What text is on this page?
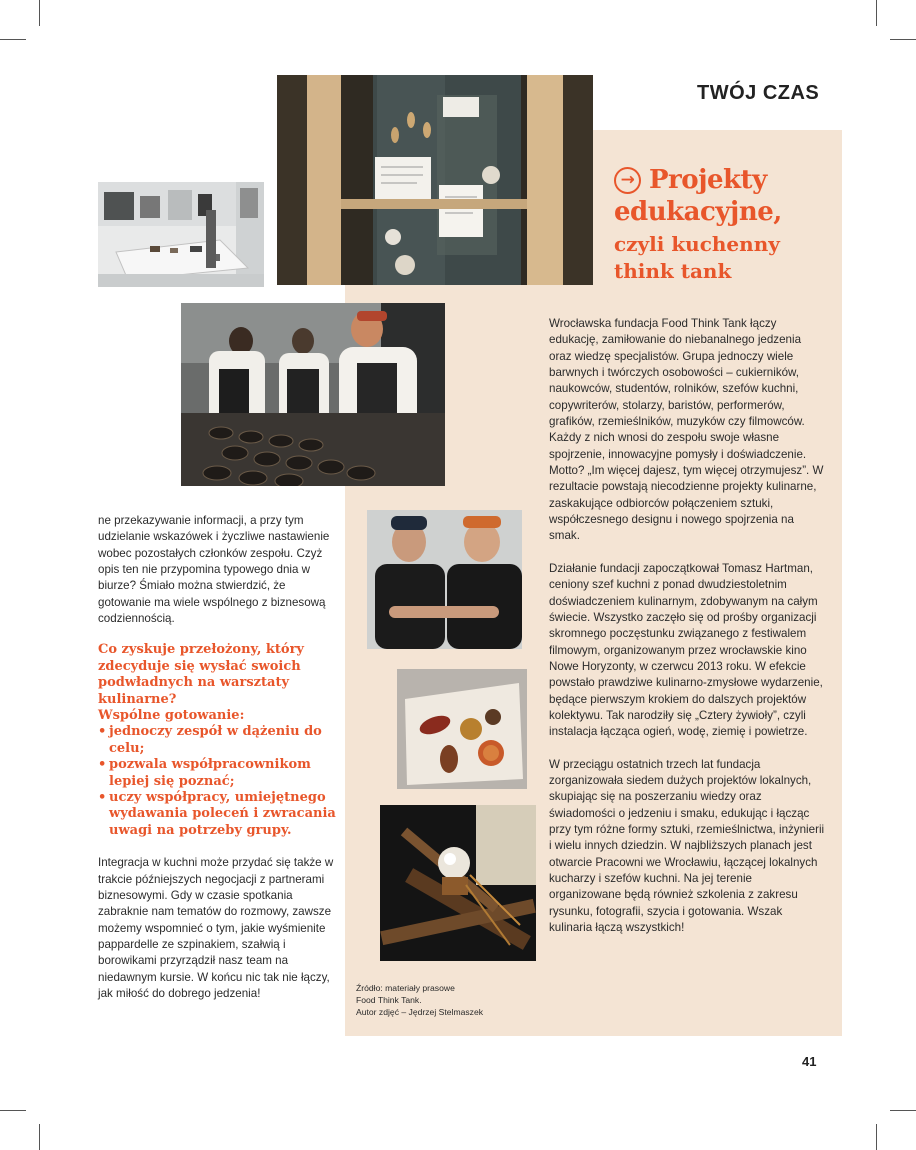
TWÓJ CZAS
→ Projekty
edukacyjne,
czyli kuchenny
think tank

Wrocławska fundacja Food Think Tank łączy edukację, zamiłowanie do niebanalnego jedzenia oraz wiedzę specjalistów. Grupa jednoczy wiele barwnych i twórczych osobowości – cukierników, naukowców, studentów, rolników, szefów kuchni, copywriterów, stolarzy, baristów, performerów, grafików, rzemieślników, muzyków czy filmowców. Każdy z nich wnosi do zespołu swoje własne spojrzenie, innowacyjne pomysły i doświadczenie. Motto? „Im więcej dajesz, tym więcej otrzymujesz”. W rezultacie powstają niecodzienne projekty kulinarne, zaskakujące odbiorców połączeniem sztuki, współczesnego designu i nowego spojrzenia na smak.

Działanie fundacji zapoczątkował Tomasz Hartman, ceniony szef kuchni z ponad dwudziestoletnim doświadczeniem kulinarnym, zdobywanym na całym świecie. Wszystko zaczęło się od prośby organizacji skromnego poczęstunku związanego z festiwalem filmowym, organizowanym przez wrocławskie kino Nowe Horyzonty, w czerwcu 2013 roku. W efekcie powstało prawdziwe kulinarno-zmysłowe wydarzenie, będące pierwszym krokiem do dalszych projektów kolektywu. Tak narodziły się „Cztery żywioły”, czyli instalacja łącząca ogień, wodę, ziemię i powietrze.

W przeciągu ostatnich trzech lat fundacja zorganizowała siedem dużych projektów lokalnych, skupiając się na poszerzaniu wiedzy oraz świadomości o jedzeniu i smaku, edukując i łącząc przy tym różne formy sztuki, rzemieślnictwa, inżynierii i wielu innych dziedzin. W najbliższych planach jest otwarcie Pracowni we Wrocławiu, łączącej lokalnych kucharzy i szefów kuchni. Na jej terenie organizowane będą również szkolenia z zakresu rysunku, fotografii, szycia i gotowania. Wszak kulinaria łączą wszystkich!

ne przekazywanie informacji, a przy tym udzielanie wskazówek i życzliwe nastawienie wobec pozostałych członków zespołu. Czyż opis ten nie przypomina typowego dnia w biurze? Śmiało można stwierdzić, że gotowanie ma wiele wspólnego z biznesową codziennością.

Co zyskuje przełożony, który zdecyduje się wysłać swoich podwładnych na warsztaty kulinarne?
Wspólne gotowanie:
• jednoczy zespół w dążeniu do celu;
• pozwala współpracownikom lepiej się poznać;
• uczy współpracy, umiejętnego wydawania poleceń i zwracania uwagi na potrzeby grupy.

Integracja w kuchni może przydać się także w trakcie późniejszych negocjacji z partnerami biznesowymi. Gdy w czasie spotkania zabraknie nam tematów do rozmowy, zawsze możemy wspomnieć o tym, jakie wyśmienite pappardelle ze szpinakiem, szałwią i borowikami przyrządził nasz team na niedawnym kursie. W końcu nic tak nie łączy, jak miłość do dobrego jedzenia!	Źródło: materiały prasowe
Food Think Tank.
Autor zdjęć – Jędrzej Stelmaszek
41
